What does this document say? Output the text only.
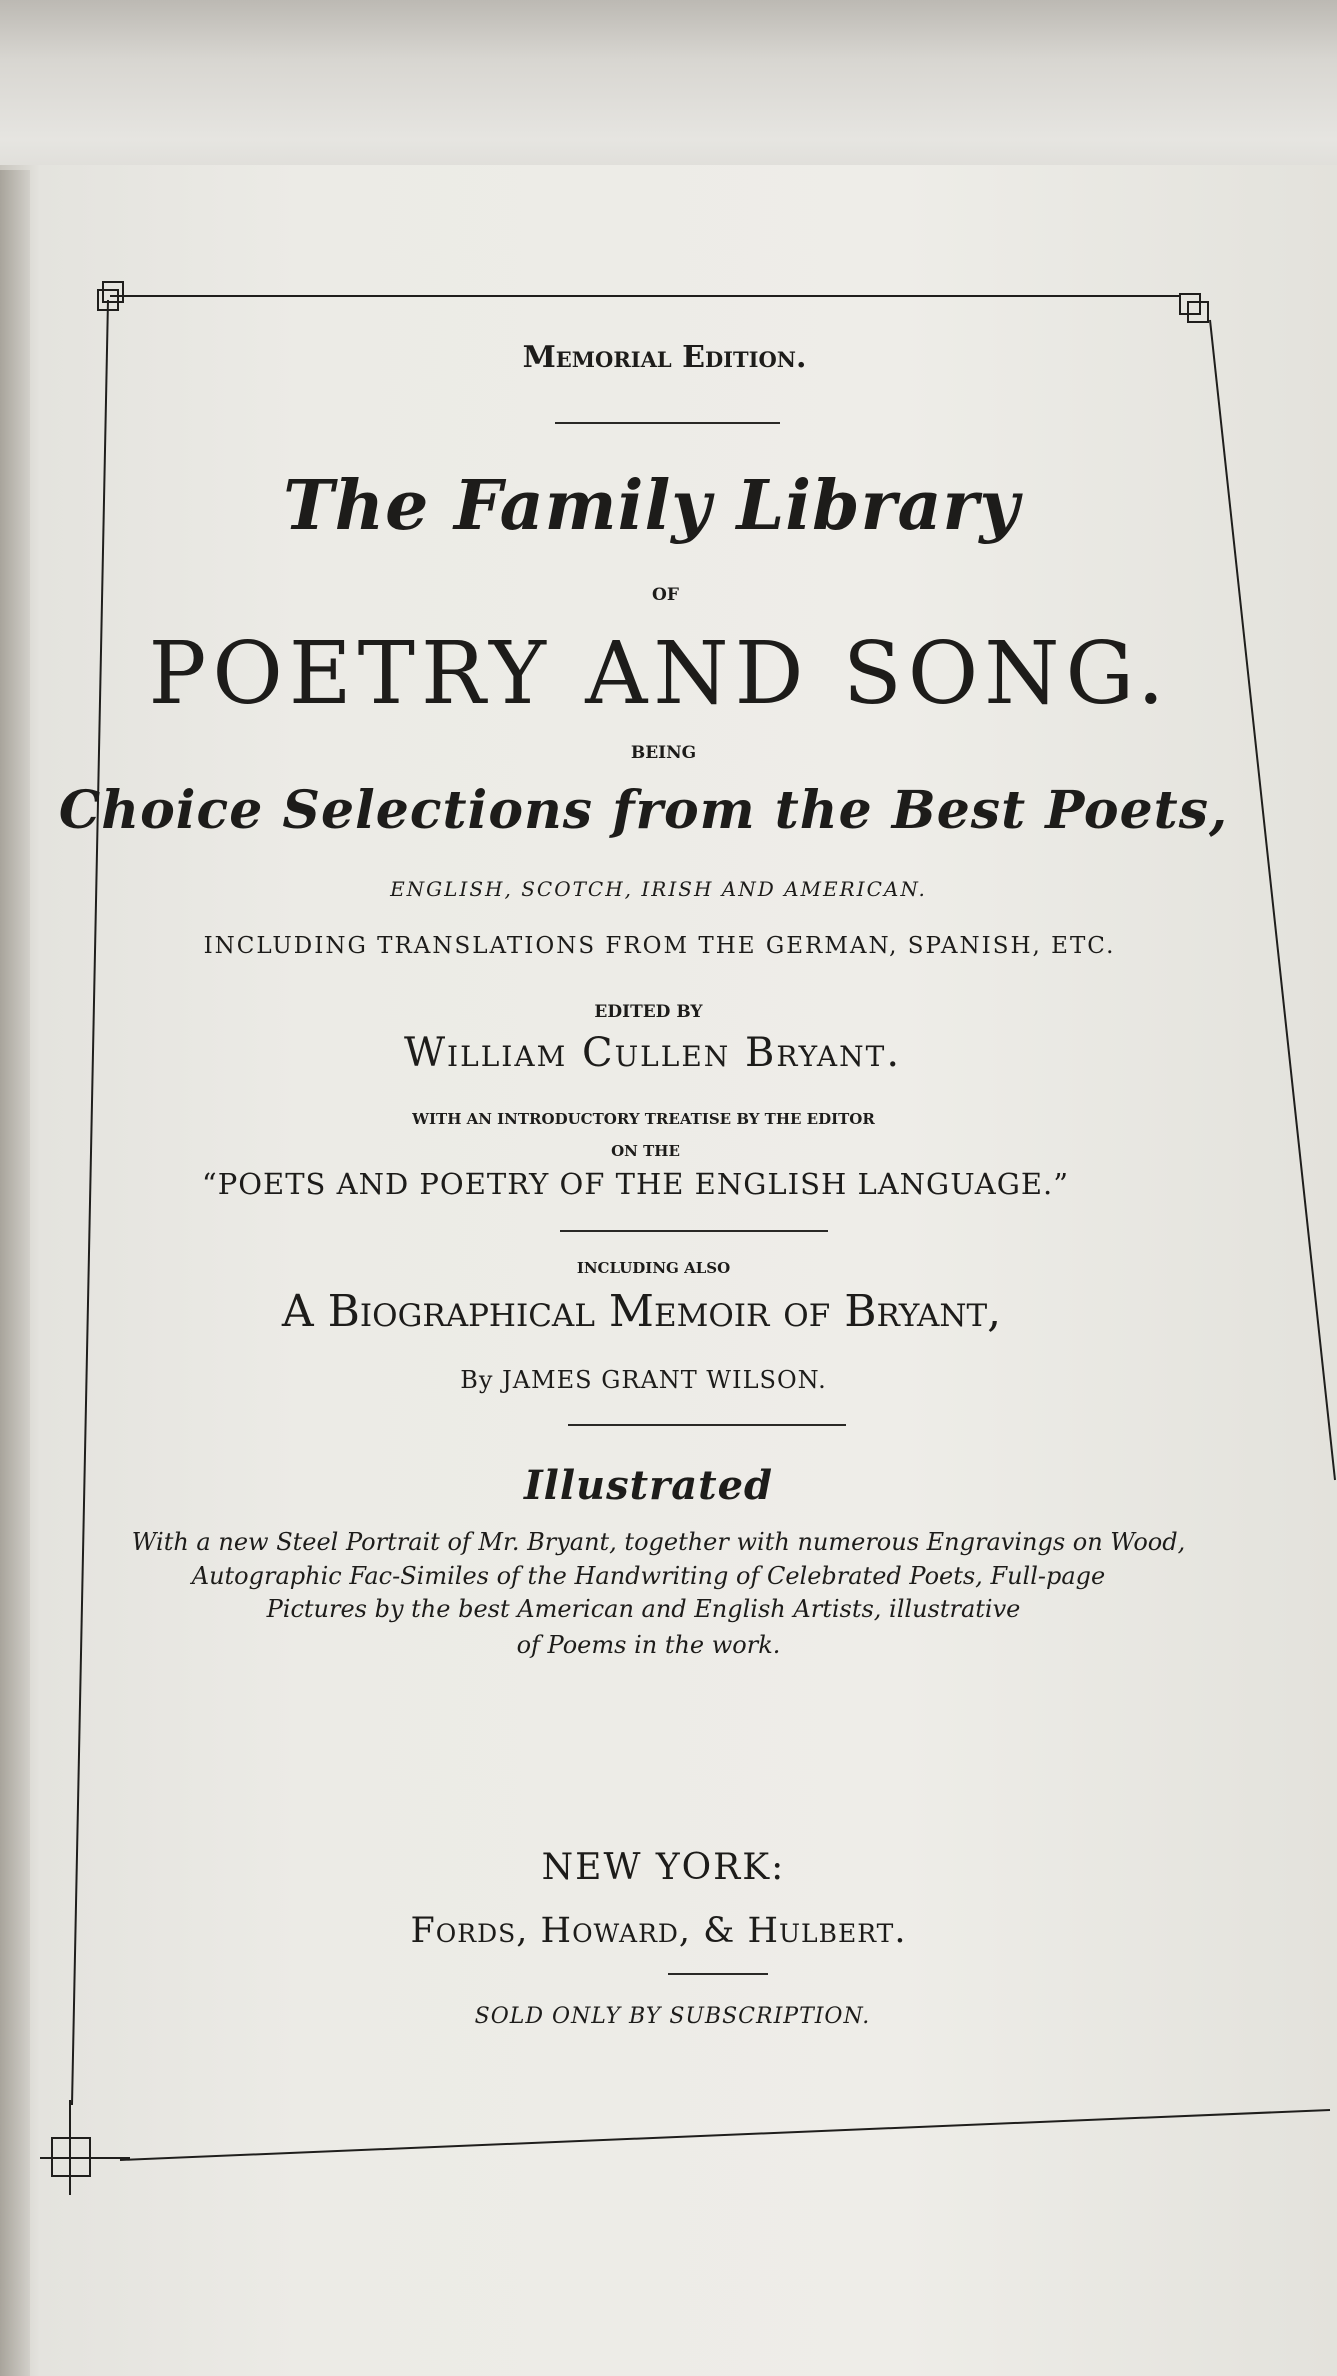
Memorial Edition.
The Family Library
OF
POETRY AND SONG.
BEING
Choice Selections from the Best Poets,
ENGLISH, SCOTCH, IRISH AND AMERICAN.
INCLUDING TRANSLATIONS FROM THE GERMAN, SPANISH, ETC.
EDITED BY
William Cullen Bryant.
WITH AN INTRODUCTORY TREATISE BY THE EDITOR
ON THE
“POETS AND POETRY OF THE ENGLISH LANGUAGE.”
INCLUDING ALSO
A Biographical Memoir of Bryant,
By JAMES GRANT WILSON.
Illustrated
With a new Steel Portrait of Mr. Bryant, together with numerous Engravings on Wood,
Autographic Fac-Similes of the Handwriting of Celebrated Poets, Full-page
Pictures by the best American and English Artists, illustrative
of Poems in the work.
NEW YORK:
Fords, Howard, & Hulbert.
SOLD ONLY BY SUBSCRIPTION.
